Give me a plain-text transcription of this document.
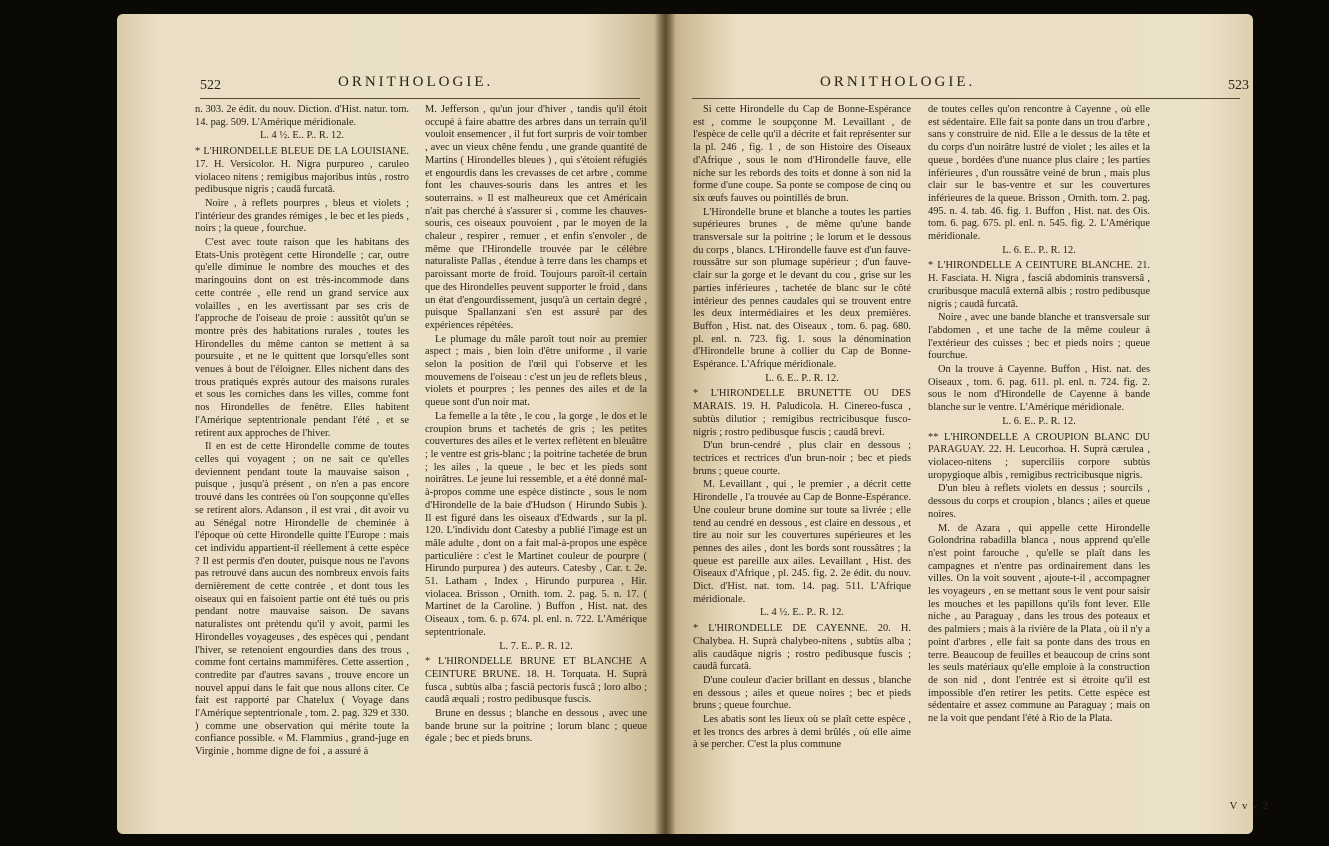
522	ORNITHOLOGIE.

n. 303. 2e édit. du nouv. Diction. d'Hist. natur. tom. 14. pag. 509. L'Amérique méridionale.

L. 4 ½. E.. P.. R. 12.

* L'HIRONDELLE BLEUE DE LA LOUISIANE. 17. H. Versicolor. H. Nigra purpureo , caruleo violaceo nitens ; remigibus majoribus intùs , rostro pedibusque nigris ; caudâ furcatâ.

Noire , à reflets pourpres , bleus et violets ; l'intérieur des grandes rémiges , le bec et les pieds , noirs ; la queue , fourchue.

C'est avec toute raison que les habitans des Etats-Unis protègent cette Hirondelle ; car, outre qu'elle diminue le nombre des mouches et des maringouins dont on est très-incommode dans cette contrée , elle rend un grand service aux volailles , en les avertissant par ses cris de l'approche de l'oiseau de proie : aussitôt qu'un se montre près des habitations rurales , toutes les Hirondelles du même canton se mettent à sa poursuite , et ne le quittent que lorsqu'elles sont venues à bout de l'éloigner. Elles nichent dans des trous pratiqués exprès autour des maisons rurales et sous les corniches dans les villes, comme font nos Hirondelles de fenêtre. Elles habitent l'Amérique septentrionale pendant l'été , et se retirent aux approches de l'hiver.

Il en est de cette Hirondelle comme de toutes celles qui voyagent ; on ne sait ce qu'elles deviennent pendant toute la mauvaise saison , puisque , jusqu'à présent , on n'en a pas encore trouvé dans les contrées où l'on soupçonne qu'elles se retirent alors. Adanson , il est vrai , dit avoir vu au Sénégal notre Hirondelle de cheminée à l'époque où cette Hirondelle quitte l'Europe : mais cet individu appartient-il réellement à cette espèce ? Il est permis d'en douter, puisque nous ne l'avons pas retrouvé dans aucun des nombreux envois faits dernièrement de cette contrée , et dont tous les oiseaux qui en faisoient partie ont été tués ou pris pendant notre mauvaise saison. De savans naturalistes ont prétendu qu'il y avoit, parmi les Hirondelles voyageuses , des espèces qui , pendant l'hiver, se retenoient engourdies dans des trous , comme font certains mammifères. Cette assertion , contredite par d'autres savans , trouve encore un nouvel appui dans le fait que nous allons citer. Ce fait est rapporté par Chatelux ( Voyage dans l'Amérique septentrionale , tom. 2. pag. 329 et 330. ) comme une observation qui mérite toute la confiance possible. « M. Flammius , grand-juge en Virginie , homme digne de foi , a assuré à

M. Jefferson , qu'un jour d'hiver , tandis qu'il étoit occupé à faire abattre des arbres dans un terrain qu'il vouloit ensemencer , il fut fort surpris de voir tomber , avec un vieux chêne fendu , une grande quantité de Martins ( Hirondelles bleues ) , qui s'étoient réfugiés et engourdis dans les crevasses de cet arbre , comme font les chauves-souris dans les antres et les souterrains. » Il est malheureux que cet Américain n'ait pas cherché à s'assurer si , comme les chauves-souris, ces oiseaux pouvoient , par le moyen de la chaleur , respirer , remuer , et enfin s'envoler , de même que l'Hirondelle trouvée par le célèbre naturaliste Pallas , étendue à terre dans les champs et paroissant morte de froid. Toujours paroît-il certain que des Hirondelles peuvent supporter le froid , dans un état d'engourdissement, jusqu'à un certain degré , puisque Spallanzani s'en est assuré par des expériences répétées.

Le plumage du mâle paroît tout noir au premier aspect ; mais , bien loin d'être uniforme , il varie selon la position de l'œil qui l'observe et les mouvemens de l'oiseau : c'est un jeu de reflets bleus , violets et pourpres ; les pennes des ailes et de la queue sont d'un noir mat.

La femelle a la tête , le cou , la gorge , le dos et le croupion bruns et tachetés de gris ; les petites couvertures des ailes et le vertex reflètent en bleuâtre ; le ventre est gris-blanc ; la poitrine tachetée de brun ; les ailes , la queue , le bec et les pieds sont noirâtres. Le jeune lui ressemble, et a été donné mal-à-propos comme une espèce distincte , sous le nom d'Hirondelle de la baie d'Hudson ( Hirundo Subis ). Il est figuré dans les oiseaux d'Edwards , sur la pl. 120. L'individu dont Catesby a publié l'image est un mâle adulte , dont on a fait mal-à-propos une espèce particulière : c'est le Martinet couleur de pourpre ( Hirundo purpurea ) des auteurs. Catesby , Car. t. 2e. 51. Latham , Index , Hirundo purpurea , Hir. violacea. Brisson , Ornith. tom. 2. pag. 5. n. 17. ( Martinet de la Caroline. ) Buffon , Hist. nat. des Oiseaux , tom. 6. p. 674. pl. enl. n. 722. L'Amérique septentrionale.

L. 7. E.. P.. R. 12.

* L'HIRONDELLE BRUNE ET BLANCHE A CEINTURE BRUNE. 18. H. Torquata. H. Suprà fusca , subtùs alba ; fasciâ pectoris fuscâ ; loro albo ; caudâ æquali ; rostro pedibusque fuscis.

Brune en dessus ; blanche en dessous , avec une bande brune sur la poitrine ; lorum blanc ; queue égale ; bec et pieds bruns.

523
ORNITHOLOGIE.

Si cette Hirondelle du Cap de Bonne-Espérance est , comme le soupçonne M. Levaillant , de l'espèce de celle qu'il a décrite et fait représenter sur la pl. 246 , fig. 1 , de son Histoire des Oiseaux d'Afrique , sous le nom d'Hirondelle fauve, elle niche sur les rebords des toits et donne à son nid la forme d'une coupe. Sa ponte se compose de cinq ou six œufs fauves ou pointillés de brun.

L'Hirondelle brune et blanche a toutes les parties supérieures brunes , de même qu'une bande transversale sur la poitrine ; le lorum et le dessous du corps , blancs. L'Hirondelle fauve est d'un fauve-roussâtre sur son plumage supérieur ; d'un fauve-clair sur la gorge et le devant du cou , grise sur les parties inférieures , tachetée de blanc sur le côté intérieur des pennes caudales qui se trouvent entre les deux intermédiaires et les deux premières. Buffon , Hist. nat. des Oiseaux , tom. 6. pag. 680. pl. enl. n. 723. fig. 1. sous la dénomination d'Hirondelle brune à collier du Cap de Bonne-Espérance. L'Afrique méridionale.

L. 6. E.. P.. R. 12.

* L'HIRONDELLE BRUNETTE OU DES MARAIS. 19. H. Paludicola. H. Cinereo-fusca , subtùs dilutior ; remigibus rectricibusque fusco-nigris ; rostro pedibusque fuscis ; caudâ brevi.

D'un brun-cendré , plus clair en dessous ; tectrices et rectrices d'un brun-noir ; bec et pieds bruns ; queue courte.

M. Levaillant , qui , le premier , a décrit cette Hirondelle , l'a trouvée au Cap de Bonne-Espérance. Une couleur brune domine sur toute sa livrée ; elle tend au cendré en dessous , est claire en dessous , et tire au noir sur les couvertures supérieures et les pennes des ailes , dont les bords sont roussâtres ; la queue est pareille aux ailes. Levaillant , Hist. des Oiseaux d'Afrique , pl. 245. fig. 2. 2e édit. du nouv. Dict. d'Hist. nat. tom. 14. pag. 511. L'Afrique méridionale.

L. 4 ½. E.. P.. R. 12.

* L'HIRONDELLE DE CAYENNE. 20. H. Chalybea. H. Suprà chalybeo-nitens , subtùs alba ; alis caudâque nigris ; rostro pedibusque fuscis ; caudâ furcatâ.

D'une couleur d'acier brillant en dessus , blanche en dessous ; ailes et queue noires ; bec et pieds bruns ; queue fourchue.

Les abatis sont les lieux où se plaît cette espèce , et les troncs des arbres à demi brûlés , où elle aime à se percher. C'est la plus commune

de toutes celles qu'on rencontre à Cayenne , où elle est sédentaire. Elle fait sa ponte dans un trou d'arbre , sans y construire de nid. Elle a le dessus de la tête et du corps d'un noirâtre lustré de violet ; les ailes et la queue , bordées d'une nuance plus claire ; les parties inférieures , d'un roussâtre veiné de brun , mais plus clair sur le bas-ventre et sur les couvertures inférieures de la queue. Brisson , Ornith. tom. 2. pag. 495. n. 4. tab. 46. fig. 1. Buffon , Hist. nat. des Ois. tom. 6. pag. 675. pl. enl. n. 545. fig. 2. L'Amérique méridionale.

L. 6. E.. P.. R. 12.

* L'HIRONDELLE A CEINTURE BLANCHE. 21. H. Fasciata. H. Nigra , fasciâ abdominis transversâ , cruribusque maculâ externâ albis ; rostro pedibusque nigris ; caudâ furcatâ.

Noire , avec une bande blanche et transversale sur l'abdomen , et une tache de la même couleur à l'extérieur des cuisses ; bec et pieds noirs ; queue fourchue.

On la trouve à Cayenne. Buffon , Hist. nat. des Oiseaux , tom. 6. pag. 611. pl. enl. n. 724. fig. 2. sous le nom d'Hirondelle de Cayenne à bande blanche sur le ventre. L'Amérique méridionale.

L. 6. E.. P.. R. 12.

** L'HIRONDELLE A CROUPION BLANC DU PARAGUAY. 22. H. Leucorhoa. H. Suprà cærulea , violaceo-nitens ; superciliis corpore subtùs uropygioque albis , remigibus rectricibusque nigris.

D'un bleu à reflets violets en dessus ; sourcils , dessous du corps et croupion , blancs ; ailes et queue noires.

M. de Azara , qui appelle cette Hirondelle Golondrina rabadilla blanca , nous apprend qu'elle n'est point farouche , qu'elle se plaît dans les campagnes et n'entre pas ordinairement dans les villes. On la voit souvent , ajoute-t-il , accompagner les voyageurs , en se mettant sous le vent pour saisir les mouches et les papillons qu'ils font lever. Elle niche , au Paraguay , dans les trous des poteaux et des palmiers ; mais à la rivière de la Plata , où il n'y a point d'arbres , elle fait sa ponte dans des trous en terre. Beaucoup de feuilles et beaucoup de crins sont les seuls matériaux qu'elle emploie à la construction de son nid , dont l'entrée est si étroite qu'il est impossible d'en retirer les petits. Cette espèce est sédentaire et assez commune au Paraguay ; mais on ne la voit que pendant l'été à Rio de la Plata.

V v v 2
